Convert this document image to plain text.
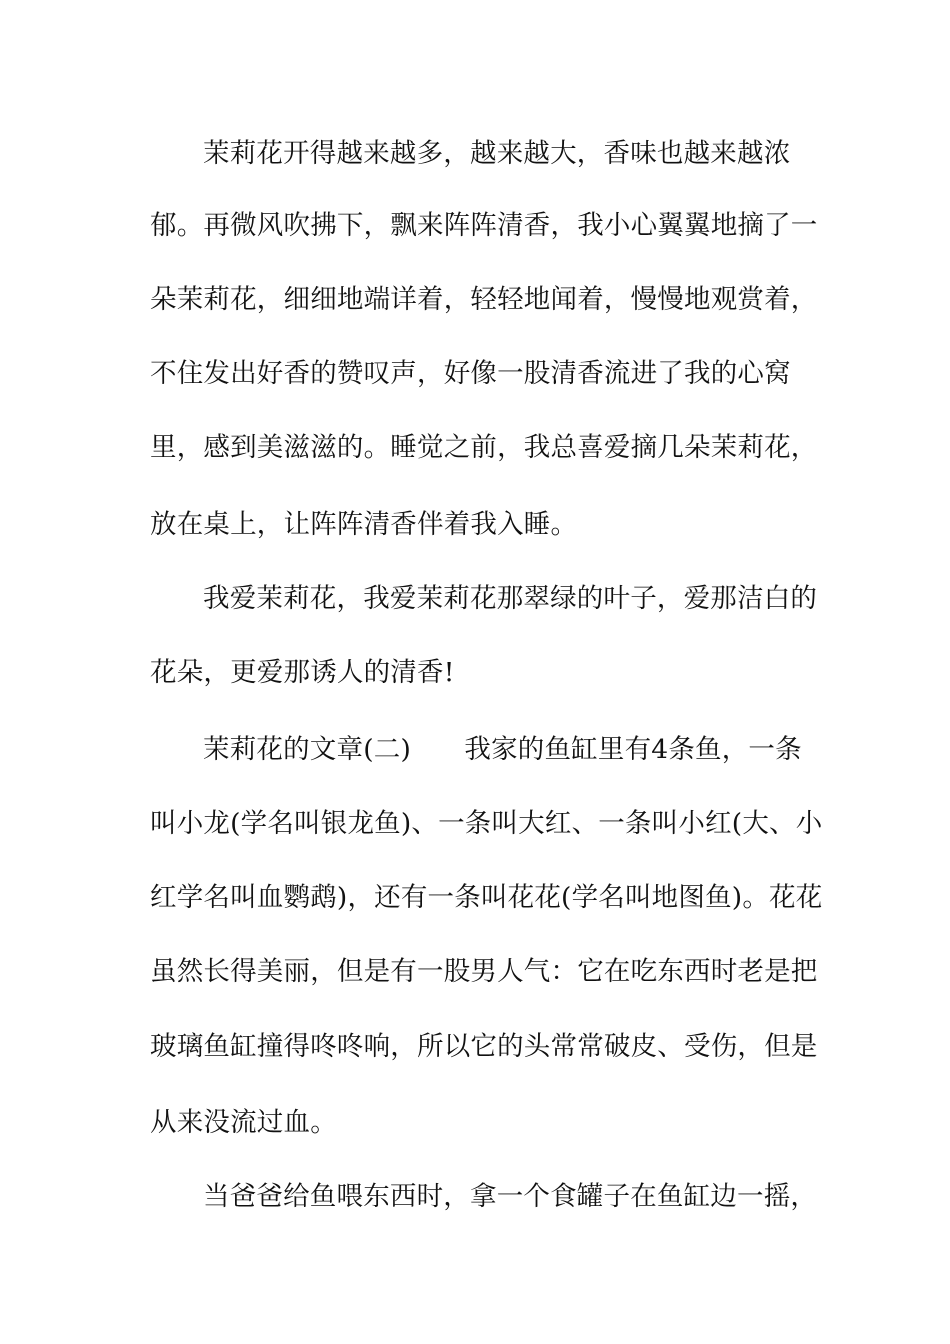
茉莉花开得越来越多，越来越大，香味也越来越浓
郁。再微风吹拂下，飘来阵阵清香，我小心翼翼地摘了一
朵茉莉花，细细地端详着，轻轻地闻着，慢慢地观赏着，
不住发出好香的赞叹声，好像一股清香流进了我的心窝
里，感到美滋滋的。睡觉之前，我总喜爱摘几朵茉莉花，
放在桌上，让阵阵清香伴着我入睡。
我爱茉莉花，我爱茉莉花那翠绿的叶子，爱那洁白的
花朵，更爱那诱人的清香!
茉莉花的文章(二)　　我家的鱼缸里有4条鱼，一条
叫小龙(学名叫银龙鱼)、一条叫大红、一条叫小红(大、小
红学名叫血鹦鹉)，还有一条叫花花(学名叫地图鱼)。花花
虽然长得美丽，但是有一股男人气：它在吃东西时老是把
玻璃鱼缸撞得咚咚响，所以它的头常常破皮、受伤，但是
从来没流过血。
当爸爸给鱼喂东西时，拿一个食罐子在鱼缸边一摇，
